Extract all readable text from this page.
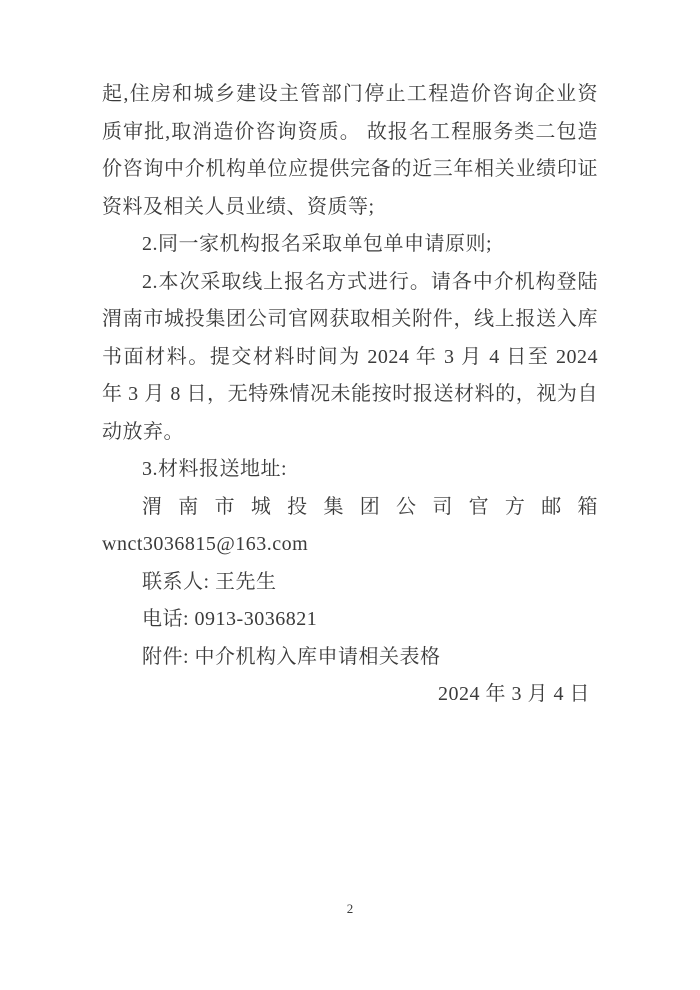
起,住房和城乡建设主管部门停止工程造价咨询企业资质审批,取消造价咨询资质。 故报名工程服务类二包造价咨询中介机构单位应提供完备的近三年相关业绩印证资料及相关人员业绩、资质等;

2.同一家机构报名采取单包单申请原则;

2.本次采取线上报名方式进行。请各中介机构登陆渭南市城投集团公司官网获取相关附件，线上报送入库书面材料。提交材料时间为 2024 年 3 月 4 日至 2024 年 3 月 8 日，无特殊情况未能按时报送材料的，视为自动放弃。

3.材料报送地址:

渭南市城投集团公司官方邮箱 wnct3036815@163.com

联系人: 王先生

电话: 0913-3036821

附件: 中介机构入库申请相关表格

2024 年 3 月 4 日

2
